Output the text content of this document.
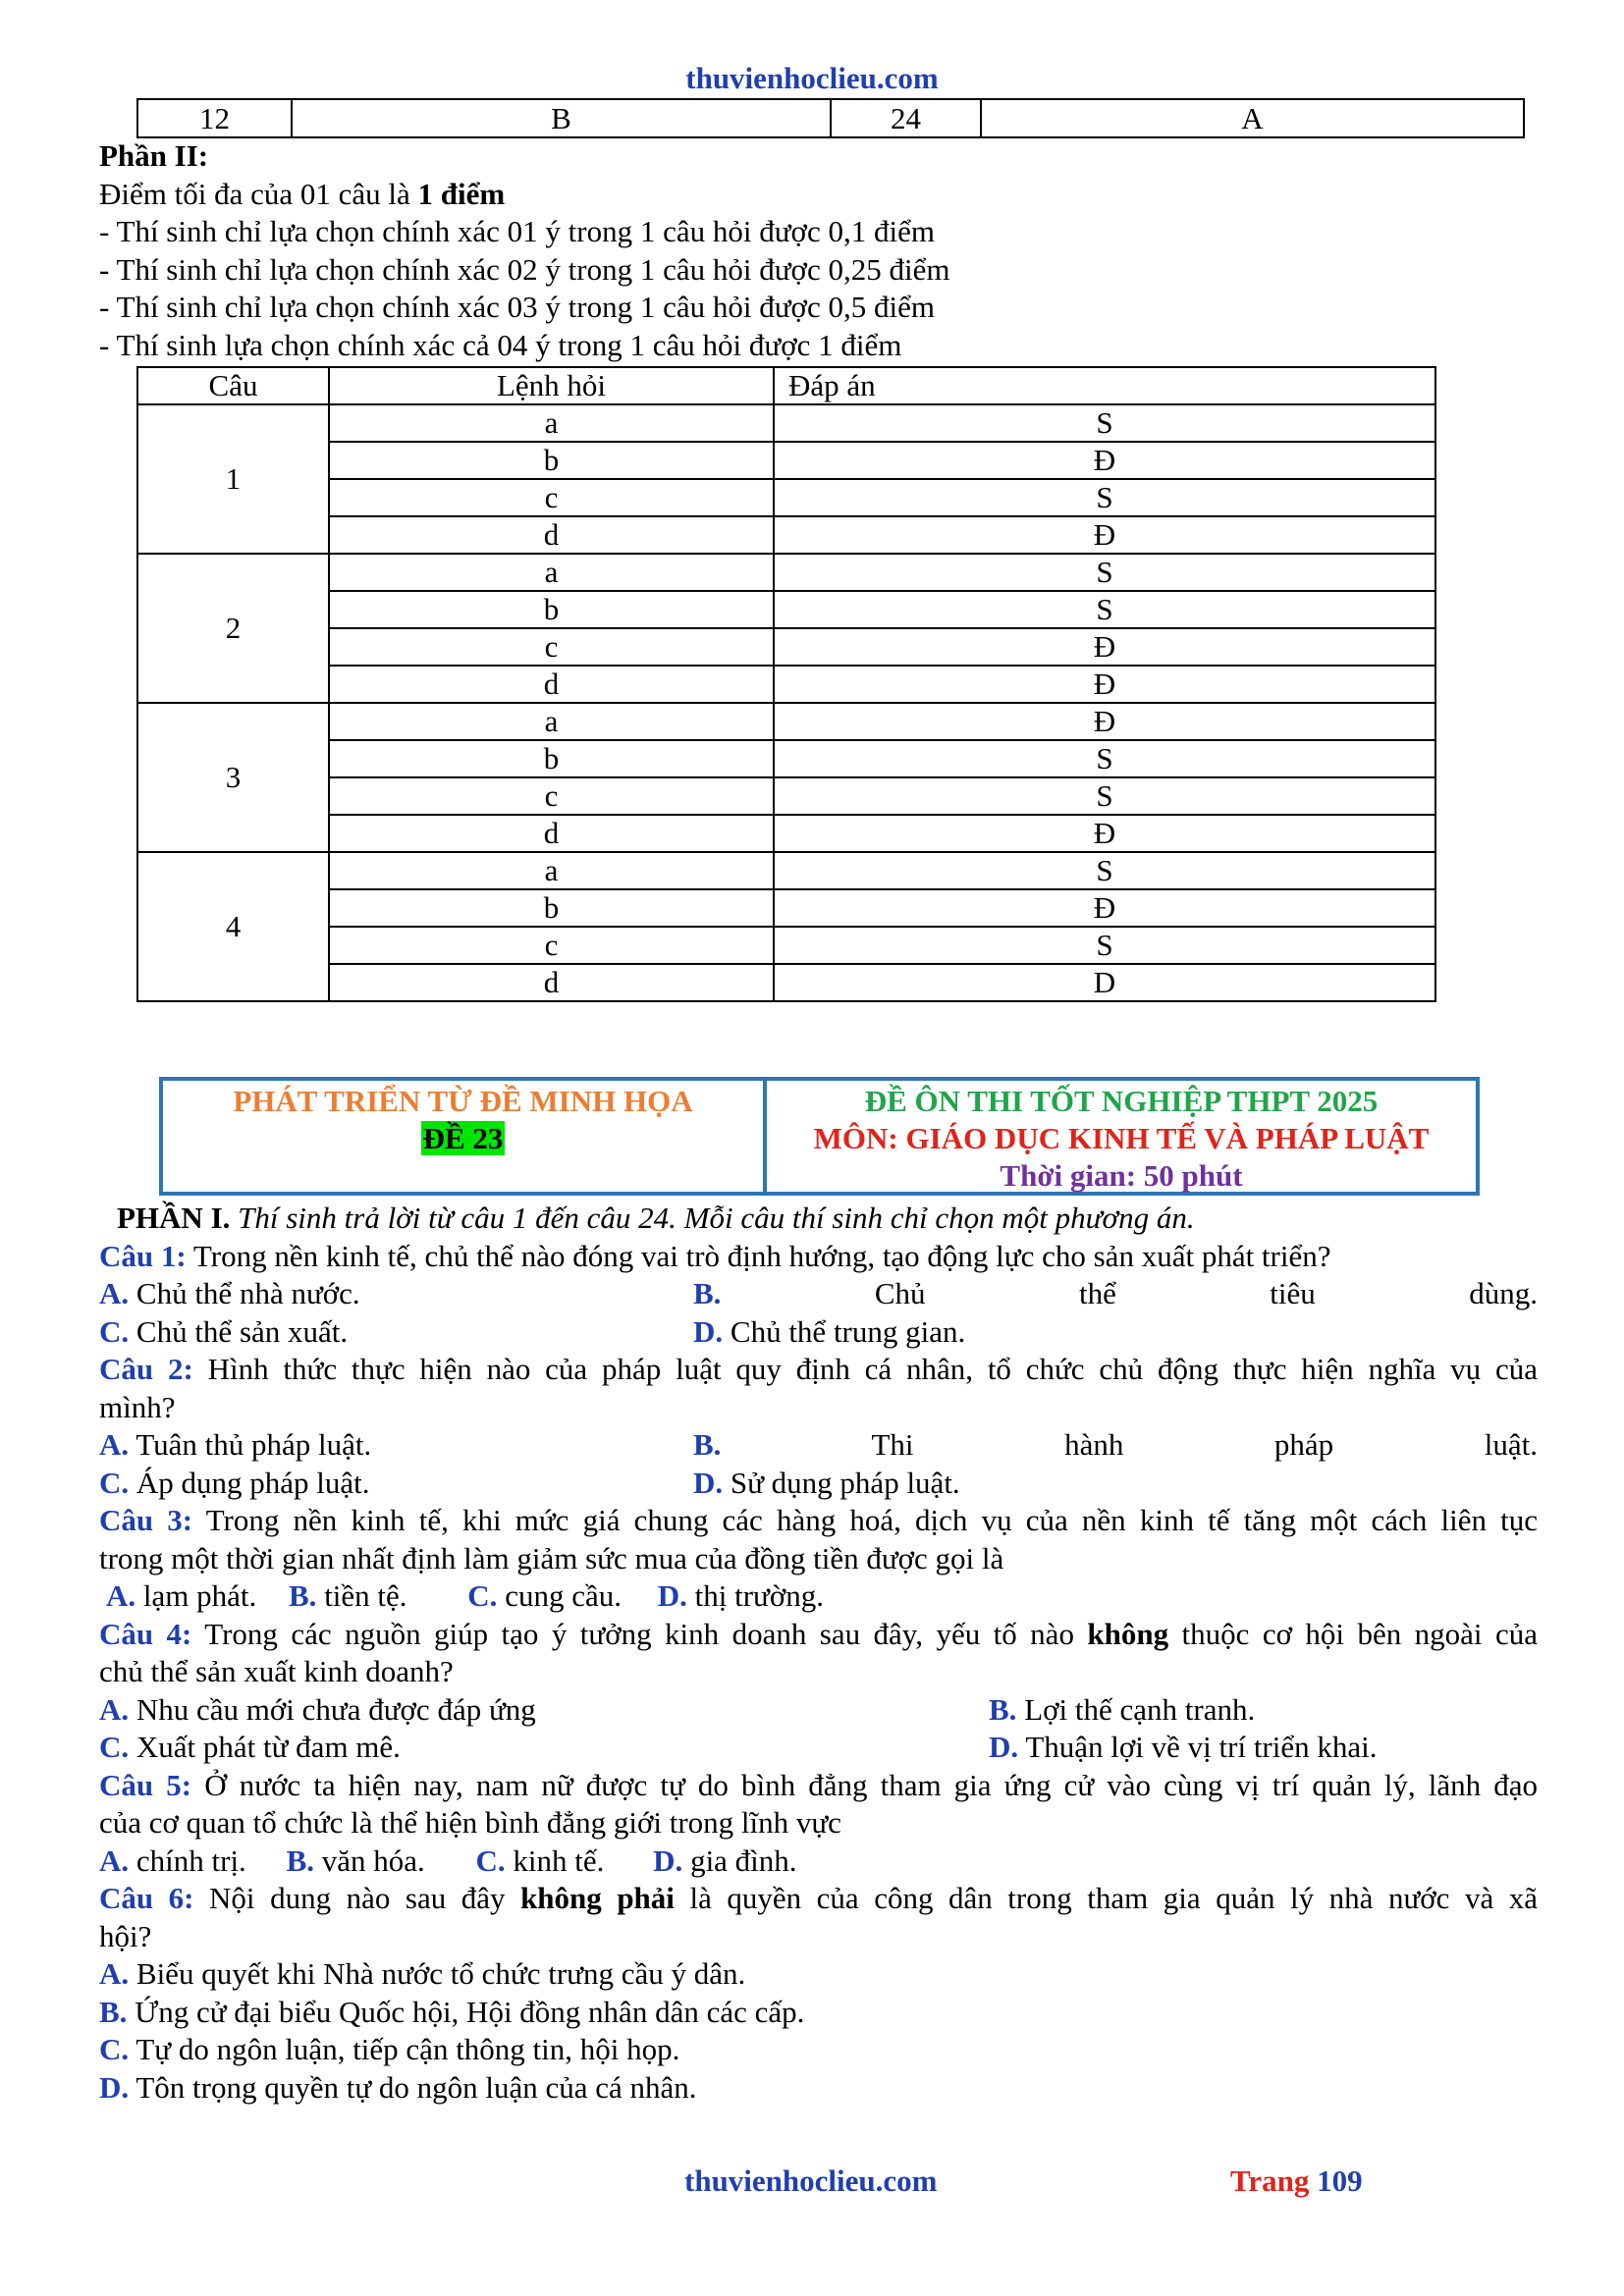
thuvienhoclieu.com
12	B	24	A
Phần II:
Điểm tối đa của 01 câu là 1 điểm
- Thí sinh chỉ lựa chọn chính xác 01 ý trong 1 câu hỏi được 0,1 điểm
- Thí sinh chỉ lựa chọn chính xác 02 ý trong 1 câu hỏi được 0,25 điểm
- Thí sinh chỉ lựa chọn chính xác 03 ý trong 1 câu hỏi được 0,5 điểm
- Thí sinh lựa chọn chính xác cả 04 ý trong 1 câu hỏi được 1 điểm
Câu	Lệnh hỏi	Đáp án
1	a	S
	b	Đ
	c	S
	d	Đ
2	a	S
	b	S
	c	Đ
	d	Đ
3	a	Đ
	b	S
	c	S
	d	Đ
4	a	S
	b	Đ
	c	S
	d	D
PHÁT TRIỂN TỪ ĐỀ MINH HỌA
ĐỀ 23
ĐỀ ÔN THI TỐT NGHIỆP THPT 2025
MÔN: GIÁO DỤC KINH TẾ VÀ PHÁP LUẬT
Thời gian: 50 phút
PHẦN I. Thí sinh trả lời từ câu 1 đến câu 24. Mỗi câu thí sinh chỉ chọn một phương án.
Câu 1: Trong nền kinh tế, chủ thể nào đóng vai trò định hướng, tạo động lực cho sản xuất phát triển?
A. Chủ thể nhà nước.	B. Chủ thể tiêu dùng.
C. Chủ thể sản xuất.	D. Chủ thể trung gian.
Câu 2: Hình thức thực hiện nào của pháp luật quy định cá nhân, tổ chức chủ động thực hiện nghĩa vụ của
mình?
A. Tuân thủ pháp luật.	B. Thi hành pháp luật.
C. Áp dụng pháp luật.	D. Sử dụng pháp luật.
Câu 3: Trong nền kinh tế, khi mức giá chung các hàng hoá, dịch vụ của nền kinh tế tăng một cách liên tục
trong một thời gian nhất định làm giảm sức mua của đồng tiền được gọi là
A. lạm phát. B. tiền tệ. C. cung cầu. D. thị trường.
Câu 4: Trong các nguồn giúp tạo ý tưởng kinh doanh sau đây, yếu tố nào không thuộc cơ hội bên ngoài của
chủ thể sản xuất kinh doanh?
A. Nhu cầu mới chưa được đáp ứng	B. Lợi thế cạnh tranh.
C. Xuất phát từ đam mê.	D. Thuận lợi về vị trí triển khai.
Câu 5: Ở nước ta hiện nay, nam nữ được tự do bình đẳng tham gia ứng cử vào cùng vị trí quản lý, lãnh đạo
của cơ quan tổ chức là thể hiện bình đẳng giới trong lĩnh vực
A. chính trị. B. văn hóa. C. kinh tế. D. gia đình.
Câu 6: Nội dung nào sau đây không phải là quyền của công dân trong tham gia quản lý nhà nước và xã
hội?
A. Biểu quyết khi Nhà nước tổ chức trưng cầu ý dân.
B. Ứng cử đại biểu Quốc hội, Hội đồng nhân dân các cấp.
C. Tự do ngôn luận, tiếp cận thông tin, hội họp.
D. Tôn trọng quyền tự do ngôn luận của cá nhân.
thuvienhoclieu.com	Trang 109
